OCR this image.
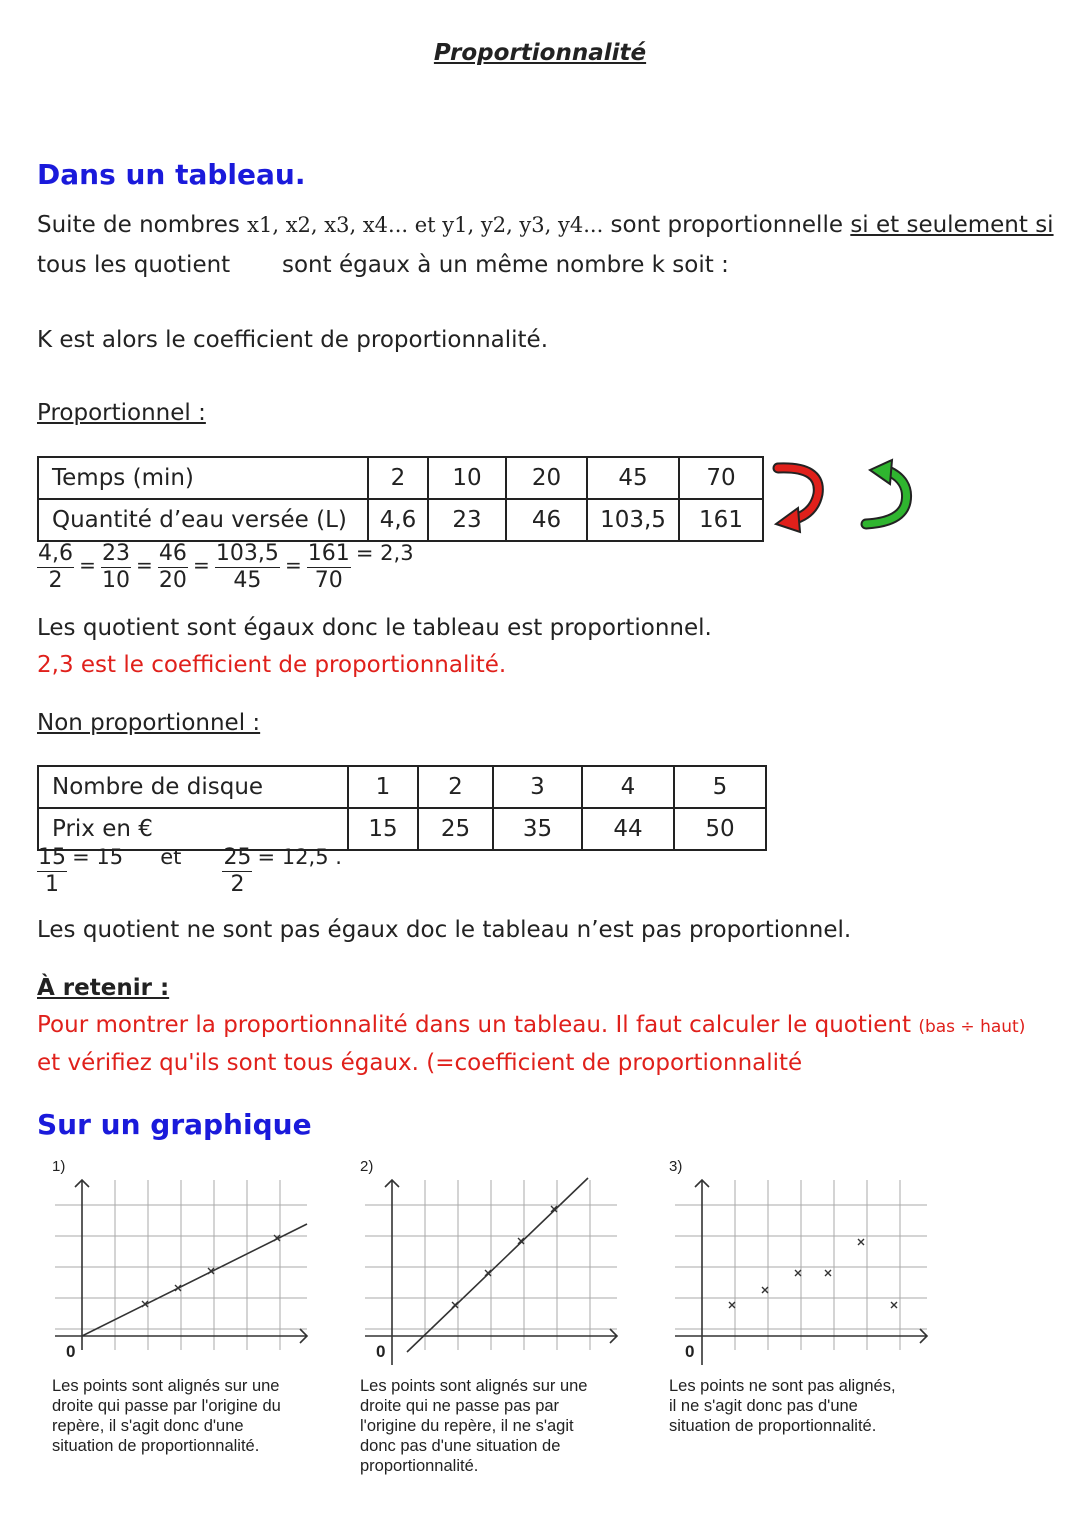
Proportionnalité
Dans un tableau.
Suite de nombres x1, x2, x3, x4... et y1, y2, y3, y4... sont proportionnelle si et seulement si
tous les quotient sont égaux à un même nombre k soit :
K est alors le coefficient de proportionnalité.
Proportionnel :
Temps (min)	2	10	20	45	70
Quantité d’eau versée (L)	4,6	23	46	103,5	161
$\frac{4,6}{2} = \frac{23}{10} = \frac{46}{20} = \frac{103,5}{45} = \frac{161}{70} = 2,3$
Les quotient sont égaux donc le tableau est proportionnel.
2,3 est le coefficient de proportionnalité.
Non proportionnel :
Nombre de disque	1	2	3	4	5
Prix en €	15	25	35	44	50
$\frac{15}{1} = 15$ et $\frac{25}{2} = 12,5$ .
Les quotient ne sont pas égaux doc le tableau n’est pas proportionnel.
À retenir :
Pour montrer la proportionnalité dans un tableau. Il faut calculer le quotient (bas ÷ haut)
et vérifiez qu'ils sont tous égaux. (=coefficient de proportionnalité
Sur un graphique
1)
0
Les points sont alignés sur une
droite qui passe par l'origine du
repère, il s'agit donc d'une
situation de proportionnalité.
2)
0
Les points sont alignés sur une
droite qui ne passe pas par
l'origine du repère, il ne s'agit
donc pas d'une situation de
proportionnalité.
3)
0
Les points ne sont pas alignés,
il ne s'agit donc pas d'une
situation de proportionnalité.
